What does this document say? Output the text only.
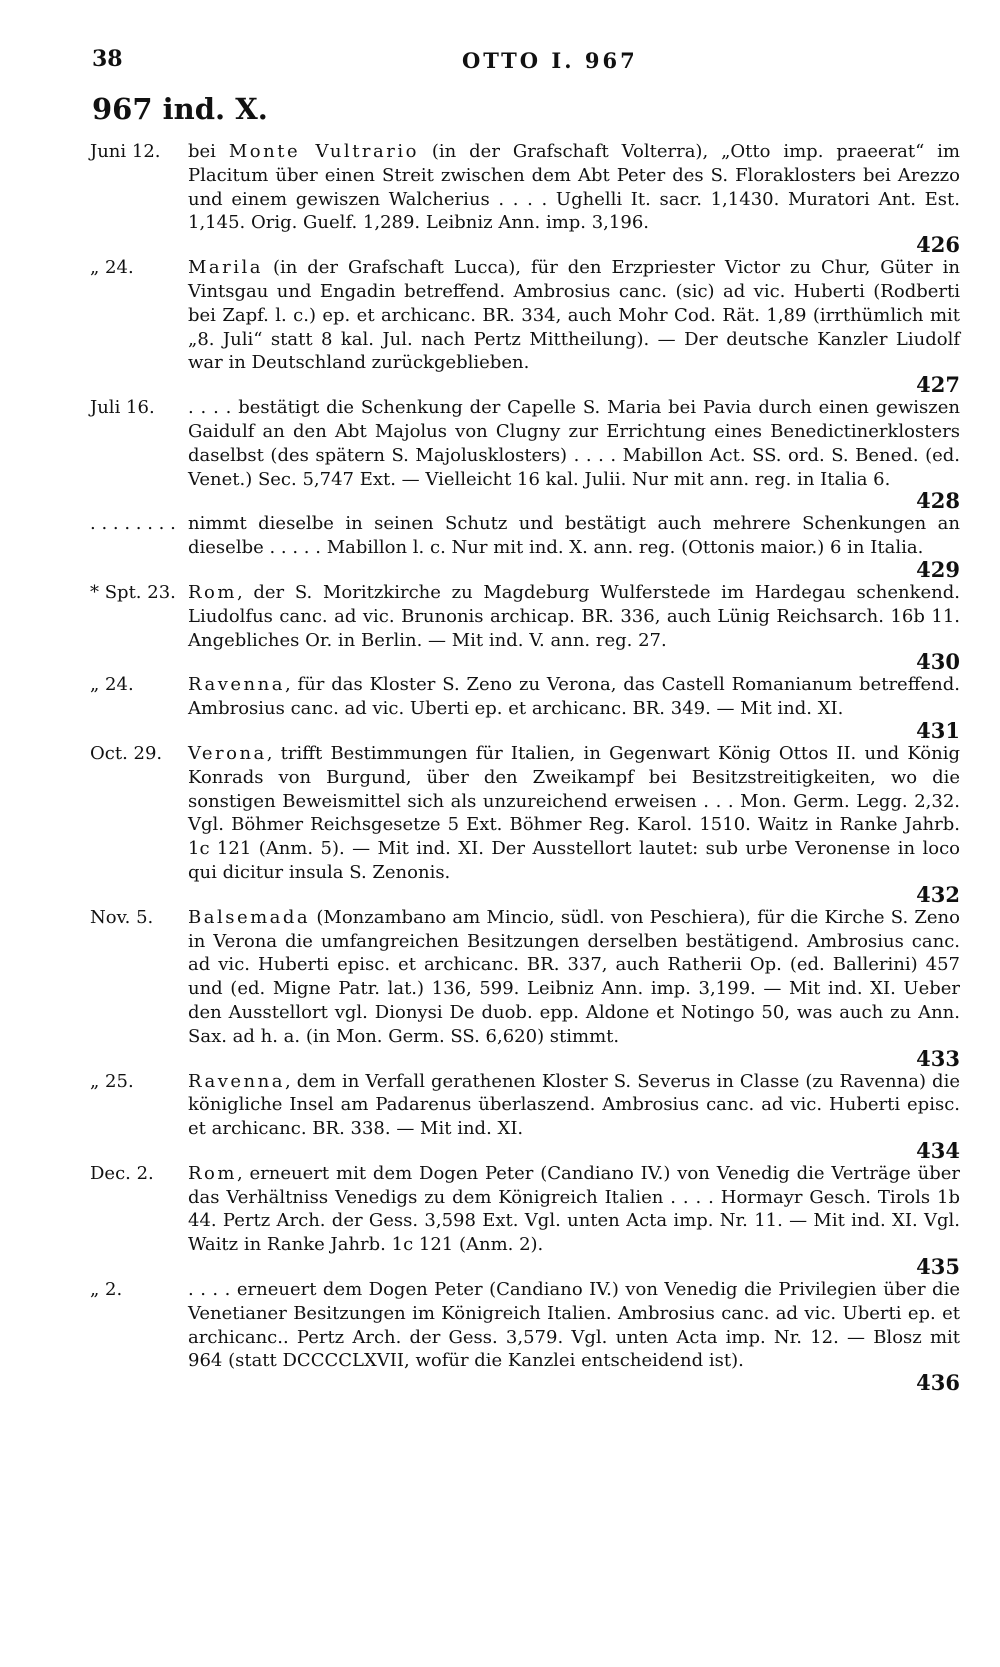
38	OTTO I. 967
967 ind. X.
Juni 12.	bei Monte Vultrario (in der Grafschaft Volterra), „Otto imp. praeerat“ im Placitum über einen Streit zwischen dem Abt Peter des S. Floraklosters bei Arezzo und einem gewiszen Walcherius . . . . Ughelli It. sacr. 1,1430. Muratori Ant. Est. 1,145. Orig. Guelf. 1,289. Leibniz Ann. imp. 3,196.
426
„ 24.	Marila (in der Grafschaft Lucca), für den Erzpriester Victor zu Chur, Güter in Vintsgau und Engadin betreffend. Ambrosius canc. (sic) ad vic. Huberti (Rodberti bei Zapf. l. c.) ep. et archicanc. BR. 334, auch Mohr Cod. Rät. 1,89 (irrthümlich mit „8. Juli“ statt 8 kal. Jul. nach Pertz Mittheilung). — Der deutsche Kanzler Liudolf war in Deutschland zurückgeblieben.
427
Juli 16.	. . . . bestätigt die Schenkung der Capelle S. Maria bei Pavia durch einen gewiszen Gaidulf an den Abt Majolus von Clugny zur Errichtung eines Benedictinerklosters daselbst (des spätern S. Majolusklosters) . . . . Mabillon Act. SS. ord. S. Bened. (ed. Venet.) Sec. 5,747 Ext. — Vielleicht 16 kal. Julii. Nur mit ann. reg. in Italia 6.
428
. . . . . . . . nimmt dieselbe in seinen Schutz und bestätigt auch mehrere Schenkungen an dieselbe . . . . . Mabillon l. c. Nur mit ind. X. ann. reg. (Ottonis maior.) 6 in Italia.
429
* Spt. 23. Rom, der S. Moritzkirche zu Magdeburg Wulferstede im Hardegau schenkend. Liudolfus canc. ad vic. Brunonis archicap. BR. 336, auch Lünig Reichsarch. 16b 11. Angebliches Or. in Berlin. — Mit ind. V. ann. reg. 27.
430
„ 24.	Ravenna, für das Kloster S. Zeno zu Verona, das Castell Romanianum betreffend. Ambrosius canc. ad vic. Uberti ep. et archicanc. BR. 349. — Mit ind. XI.
431
Oct. 29.	Verona, trifft Bestimmungen für Italien, in Gegenwart König Ottos II. und König Konrads von Burgund, über den Zweikampf bei Besitzstreitigkeiten, wo die sonstigen Beweismittel sich als unzureichend erweisen . . . Mon. Germ. Legg. 2,32. Vgl. Böhmer Reichsgesetze 5 Ext. Böhmer Reg. Karol. 1510. Waitz in Ranke Jahrb. 1c 121 (Anm. 5). — Mit ind. XI. Der Ausstellort lautet: sub urbe Veronense in loco qui dicitur insula S. Zenonis.
432
Nov. 5.	Balsemada (Monzambano am Mincio, südl. von Peschiera), für die Kirche S. Zeno in Verona die umfangreichen Besitzungen derselben bestätigend. Ambrosius canc. ad vic. Huberti episc. et archicanc. BR. 337, auch Ratherii Op. (ed. Ballerini) 457 und (ed. Migne Patr. lat.) 136, 599. Leibniz Ann. imp. 3,199. — Mit ind. XI. Ueber den Ausstellort vgl. Dionysi De duob. epp. Aldone et Notingo 50, was auch zu Ann. Sax. ad h. a. (in Mon. Germ. SS. 6,620) stimmt.
433
„ 25.	Ravenna, dem in Verfall gerathenen Kloster S. Severus in Classe (zu Ravenna) die königliche Insel am Padarenus überlaszend. Ambrosius canc. ad vic. Huberti episc. et archicanc. BR. 338. — Mit ind. XI.
434
Dec. 2.	Rom, erneuert mit dem Dogen Peter (Candiano IV.) von Venedig die Verträge über das Verhältniss Venedigs zu dem Königreich Italien . . . . Hormayr Gesch. Tirols 1b 44. Pertz Arch. der Gess. 3,598 Ext. Vgl. unten Acta imp. Nr. 11. — Mit ind. XI. Vgl. Waitz in Ranke Jahrb. 1c 121 (Anm. 2).
435
„ 2.	. . . . erneuert dem Dogen Peter (Candiano IV.) von Venedig die Privilegien über die Venetianer Besitzungen im Königreich Italien. Ambrosius canc. ad vic. Uberti ep. et archicanc.. Pertz Arch. der Gess. 3,579. Vgl. unten Acta imp. Nr. 12. — Blosz mit 964 (statt DCCCCLXVII, wofür die Kanzlei entscheidend ist).
436
